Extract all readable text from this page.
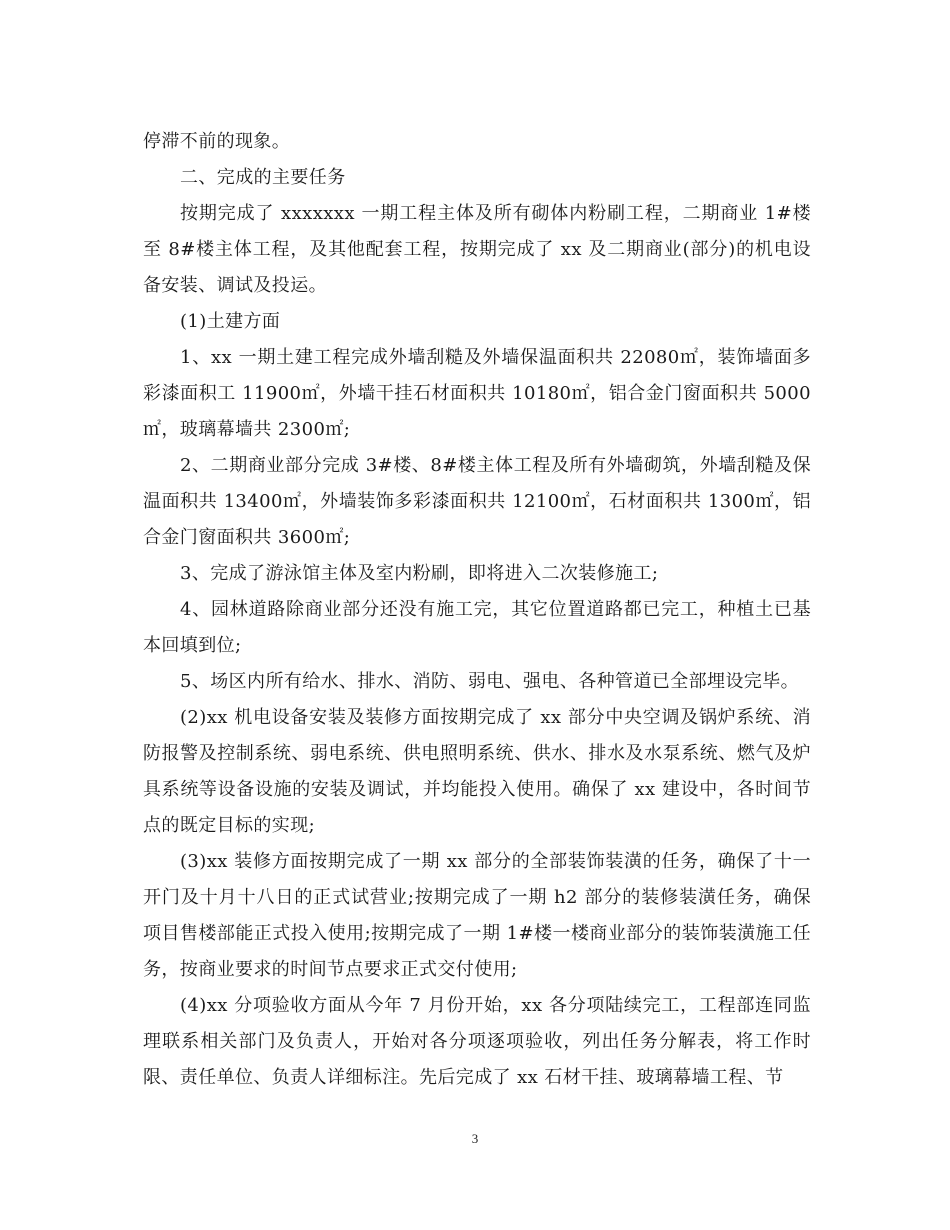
停滞不前的现象。

二、完成的主要任务

按期完成了 xxxxxxx 一期工程主体及所有砌体内粉刷工程，二期商业 1#楼至 8#楼主体工程，及其他配套工程，按期完成了 xx 及二期商业(部分)的机电设备安装、调试及投运。

(1)土建方面

1、xx 一期土建工程完成外墙刮糙及外墙保温面积共 22080㎡，装饰墙面多彩漆面积工 11900㎡，外墙干挂石材面积共 10180㎡，铝合金门窗面积共 5000㎡，玻璃幕墙共 2300㎡;

2、二期商业部分完成 3#楼、8#楼主体工程及所有外墙砌筑，外墙刮糙及保温面积共 13400㎡，外墙装饰多彩漆面积共 12100㎡，石材面积共 1300㎡，铝合金门窗面积共 3600㎡;

3、完成了游泳馆主体及室内粉刷，即将进入二次装修施工;

4、园林道路除商业部分还没有施工完，其它位置道路都已完工，种植土已基本回填到位;

5、场区内所有给水、排水、消防、弱电、强电、各种管道已全部埋设完毕。

(2)xx 机电设备安装及装修方面按期完成了 xx 部分中央空调及锅炉系统、消防报警及控制系统、弱电系统、供电照明系统、供水、排水及水泵系统、燃气及炉具系统等设备设施的安装及调试，并均能投入使用。确保了 xx 建设中，各时间节点的既定目标的实现;

(3)xx 装修方面按期完成了一期 xx 部分的全部装饰装潢的任务，确保了十一开门及十月十八日的正式试营业;按期完成了一期 h2 部分的装修装潢任务，确保项目售楼部能正式投入使用;按期完成了一期 1#楼一楼商业部分的装饰装潢施工任务，按商业要求的时间节点要求正式交付使用;

(4)xx 分项验收方面从今年 7 月份开始，xx 各分项陆续完工，工程部连同监理联系相关部门及负责人，开始对各分项逐项验收，列出任务分解表，将工作时限、责任单位、负责人详细标注。先后完成了 xx 石材干挂、玻璃幕墙工程、节

3
